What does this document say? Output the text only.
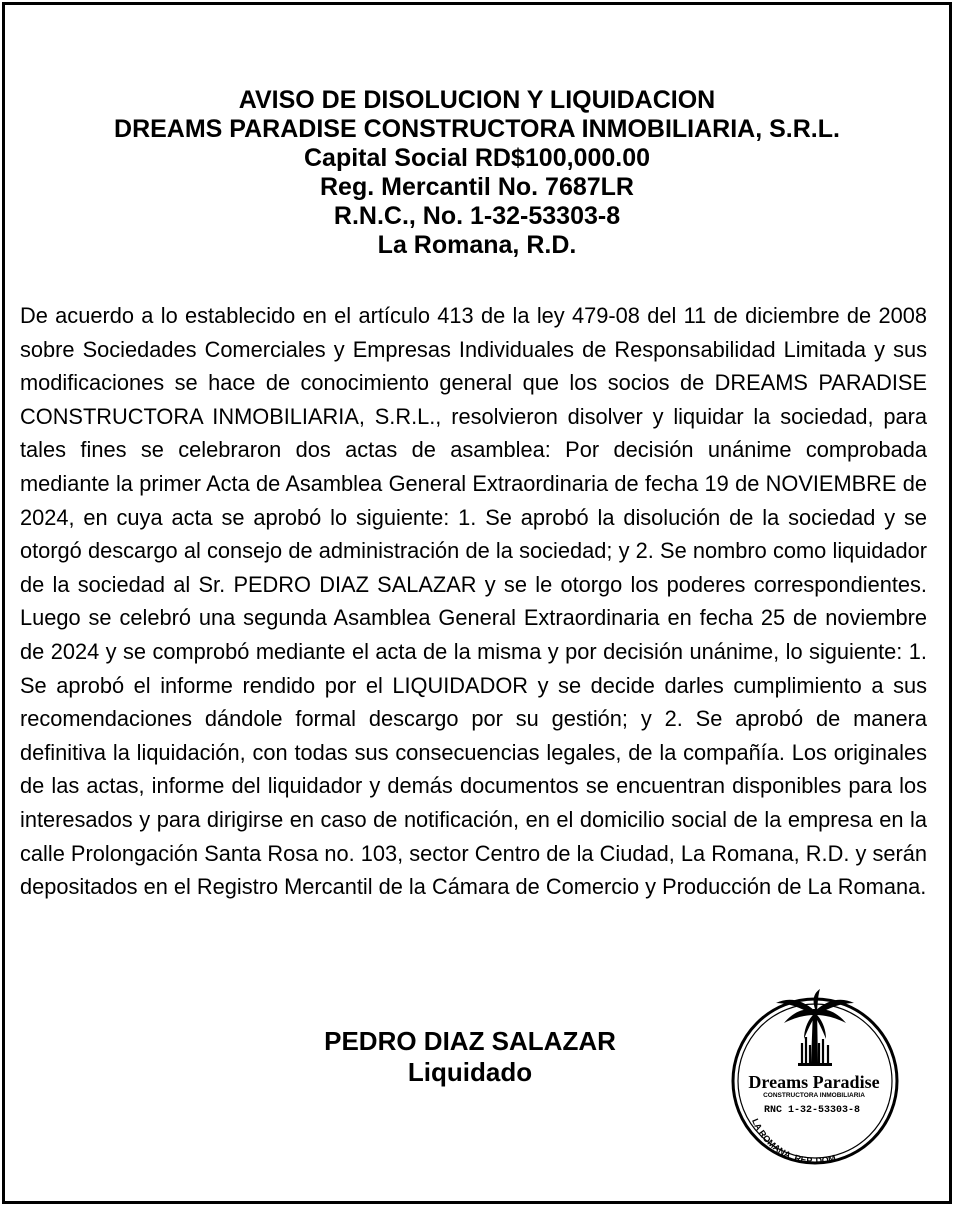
AVISO DE DISOLUCION Y LIQUIDACION
DREAMS PARADISE CONSTRUCTORA INMOBILIARIA, S.R.L.
Capital Social RD$100,000.00
Reg. Mercantil No. 7687LR
R.N.C., No. 1-32-53303-8
La Romana, R.D.

De acuerdo a lo establecido en el artículo 413 de la ley 479-08 del 11 de diciembre de 2008 sobre Sociedades Comerciales y Empresas Individuales de Responsabilidad Limitada y sus modificaciones se hace de conocimiento general que los socios de DREAMS PARADISE CONSTRUCTORA INMOBILIARIA, S.R.L., resolvieron disolver y liquidar la sociedad, para tales fines se celebraron dos actas de asamblea: Por decisión unánime comprobada mediante la primer Acta de Asamblea General Extraordinaria de fecha 19 de NOVIEMBRE de 2024, en cuya acta se aprobó lo siguiente: 1. Se aprobó la disolución de la sociedad y se otorgó descargo al consejo de administración de la sociedad; y 2. Se nombro como liquidador de la sociedad al Sr. PEDRO DIAZ SALAZAR y se le otorgo los poderes correspondientes. Luego se celebró una segunda Asamblea General Extraordinaria en fecha 25 de noviembre de 2024 y se comprobó mediante el acta de la misma y por decisión unánime, lo siguiente: 1. Se aprobó el informe rendido por el LIQUIDADOR y se decide darles cumplimiento a sus recomendaciones dándole formal descargo por su gestión; y 2. Se aprobó de manera definitiva la liquidación, con todas sus consecuencias legales, de la compañía. Los originales de las actas, informe del liquidador y demás documentos se encuentran disponibles para los interesados y para dirigirse en caso de notificación, en el domicilio social de la empresa en la calle Prolongación Santa Rosa no. 103, sector Centro de la Ciudad, La Romana, R.D. y serán depositados en el Registro Mercantil de la Cámara de Comercio y Producción de La Romana.

PEDRO DIAZ SALAZAR
Liquidado	Dreams Paradise
CONSTRUCTORA INMOBILIARIA
RNC 1-32-53303-8
LA ROMANA, REP. DOM.
